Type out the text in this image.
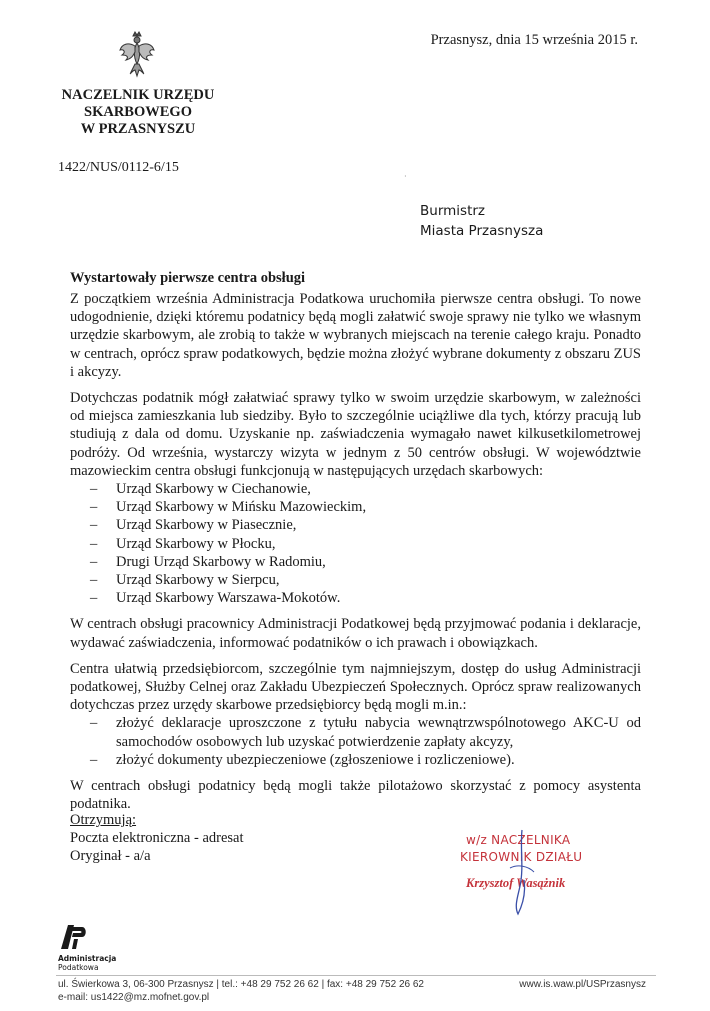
NACZELNIK URZĘDU
SKARBOWEGO
W PRZASNYSZU
Przasnysz, dnia 15 września 2015 r.
1422/NUS/0112-6/15
·
Burmistrz
Miasta Przasnysza
Wystartowały pierwsze centra obsługi

Z początkiem września Administracja Podatkowa uruchomiła pierwsze centra obsługi. To nowe udogodnienie, dzięki któremu podatnicy będą mogli załatwić swoje sprawy nie tylko we własnym urzędzie skarbowym, ale zrobią to także w wybranych miejscach na terenie całego kraju. Ponadto w centrach, oprócz spraw podatkowych, będzie można złożyć wybrane dokumenty z obszaru ZUS i akcyzy.

Dotychczas podatnik mógł załatwiać sprawy tylko w swoim urzędzie skarbowym, w zależności od miejsca zamieszkania lub siedziby. Było to szczególnie uciążliwe dla tych, którzy pracują lub studiują z dala od domu. Uzyskanie np. zaświadczenia wymagało nawet kilkusetkilometrowej podróży. Od września, wystarczy wizyta w jednym z 50 centrów obsługi. W województwie mazowieckim centra obsługi funkcjonują w następujących urzędach skarbowych:

– Urząd Skarbowy w Ciechanowie,
– Urząd Skarbowy w Mińsku Mazowieckim,
– Urząd Skarbowy w Piasecznie,
– Urząd Skarbowy w Płocku,
– Drugi Urząd Skarbowy w Radomiu,
– Urząd Skarbowy w Sierpcu,
– Urząd Skarbowy Warszawa-Mokotów.

W centrach obsługi pracownicy Administracji Podatkowej będą przyjmować podania i deklaracje, wydawać zaświadczenia, informować podatników o ich prawach i obowiązkach.

Centra ułatwią przedsiębiorcom, szczególnie tym najmniejszym, dostęp do usług Administracji podatkowej, Służby Celnej oraz Zakładu Ubezpieczeń Społecznych. Oprócz spraw realizowanych dotychczas przez urzędy skarbowe przedsiębiorcy będą mogli m.in.:

– złożyć deklaracje uproszczone z tytułu nabycia wewnątrzwspólnotowego AKC-U od samochodów osobowych lub uzyskać potwierdzenie zapłaty akcyzy,
– złożyć dokumenty ubezpieczeniowe (zgłoszeniowe i rozliczeniowe).

W centrach obsługi podatnicy będą mogli także pilotażowo skorzystać z pomocy asystenta podatnika.

Otrzymują:
Poczta elektroniczna - adresat
Oryginał - a/a
w/z NACZELNIKA
KIEROWNIK DZIAŁU
Krzysztof Wasążnik
Administracja
Podatkowa
ul. Świerkowa 3, 06-300 Przasnysz | tel.: +48 29 752 26 62 | fax: +48 29 752 26 62
e-mail: us1422@mz.mofnet.gov.pl
www.is.waw.pl/USPrzasnysz
